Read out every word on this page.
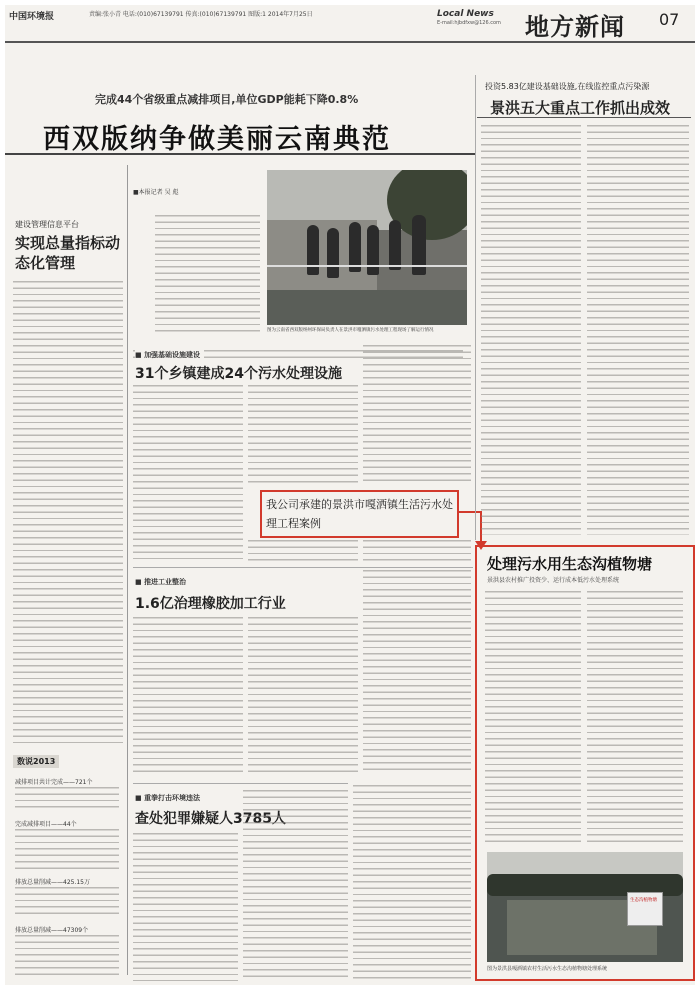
中国环境报	责编:张小青 电话:(010)67139791 传真:(010)67139791 图版:1 2014年7月25日	Local News
E-mail:hjbdfxw@126.com 地方新闻 07
完成44个省级重点减排项目,单位GDP能耗下降0.8%
西双版纳争做美丽云南典范
建设管理信息平台
实现总量指标动态化管理
数说2013
减排项目共计完成——721个
完成减排项目——44个
排放总量削减——425.15万
排放总量削减——47309个
■本报记者 吴 彪
图为云南省西双版纳州环保局负责人在景洪市嘎洒镇污水处理工程现场了解运行情况
■ 加强基础设施建设
31个乡镇建成24个污水处理设施
我公司承建的景洪市嘎洒镇生活污水处理工程案例
■ 推进工业整治
1.6亿治理橡胶加工行业
■ 重拳打击环境违法
查处犯罪嫌疑人3785人
投资5.83亿建设基础设施,在线监控重点污染源
景洪五大重点工作抓出成效
处理污水用生态沟植物塘
景洪县农村推广投资少、运行成本低污水处理系统
生态沟植物塘
图为景洪县嘎洒镇农村生活污水生态沟植物塘处理系统
